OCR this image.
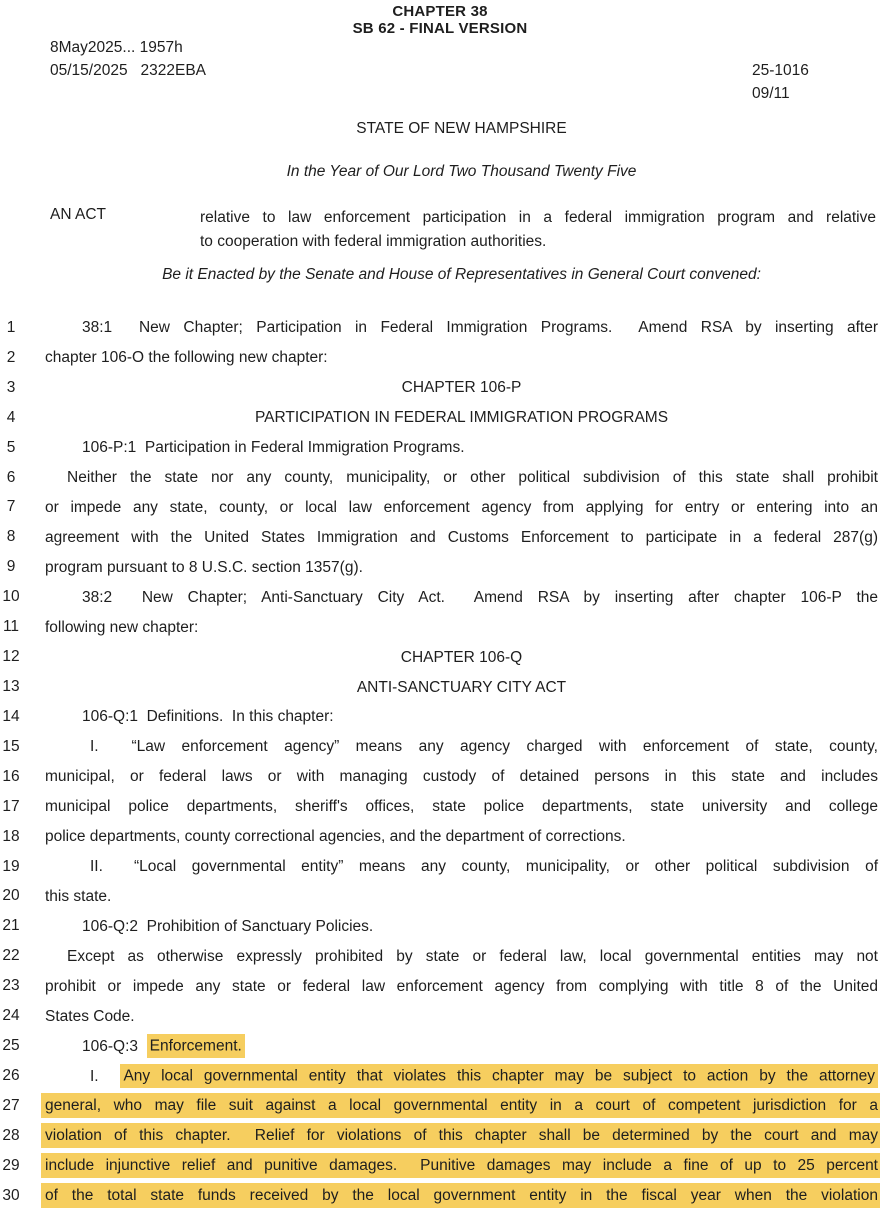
CHAPTER 38
SB 62 - FINAL VERSION
8May2025... 1957h
05/15/2025   2322EBA	25-1016
09/11
STATE OF NEW HAMPSHIRE
In the Year of Our Lord Two Thousand Twenty Five
AN ACT	relative to law enforcement participation in a federal immigration program and relative
to cooperation with federal immigration authorities.
Be it Enacted by the Senate and House of Representatives in General Court convened:
1	38:1  New Chapter; Participation in Federal Immigration Programs.  Amend RSA by inserting after
2	chapter 106-O the following new chapter:
3	CHAPTER 106-P
4	PARTICIPATION IN FEDERAL IMMIGRATION PROGRAMS
5	106-P:1  Participation in Federal Immigration Programs.
6	Neither the state nor any county, municipality, or other political subdivision of this state shall prohibit
7	or impede any state, county, or local law enforcement agency from applying for entry or entering into an
8	agreement with the United States Immigration and Customs Enforcement to participate in a federal 287(g)
9	program pursuant to 8 U.S.C. section 1357(g).
10	38:2  New Chapter; Anti-Sanctuary City Act.  Amend RSA by inserting after chapter 106-P the
11 following new chapter:
12	CHAPTER 106-Q
13	ANTI-SANCTUARY CITY ACT
14	106-Q:1  Definitions.  In this chapter:
15	I.  “Law enforcement agency” means any agency charged with enforcement of state, county,
16 municipal, or federal laws or with managing custody of detained persons in this state and includes
17 municipal police departments, sheriff's offices, state police departments, state university and college
18 police departments, county correctional agencies, and the department of corrections.
19	II.  “Local governmental entity” means any county, municipality, or other political subdivision of
20 this state.
21	106-Q:2  Prohibition of Sanctuary Policies.
22	Except as otherwise expressly prohibited by state or federal law, local governmental entities may not
23 prohibit or impede any state or federal law enforcement agency from complying with title 8 of the United
24 States Code.
25	106-Q:3  Enforcement.
26	I.  Any local governmental entity that violates this chapter may be subject to action by the attorney
27 general, who may file suit against a local governmental entity in a court of competent jurisdiction for a
28 violation of this chapter.  Relief for violations of this chapter shall be determined by the court and may
29 include injunctive relief and punitive damages.  Punitive damages may include a fine of up to 25 percent
30 of the total state funds received by the local government entity in the fiscal year when the violation
